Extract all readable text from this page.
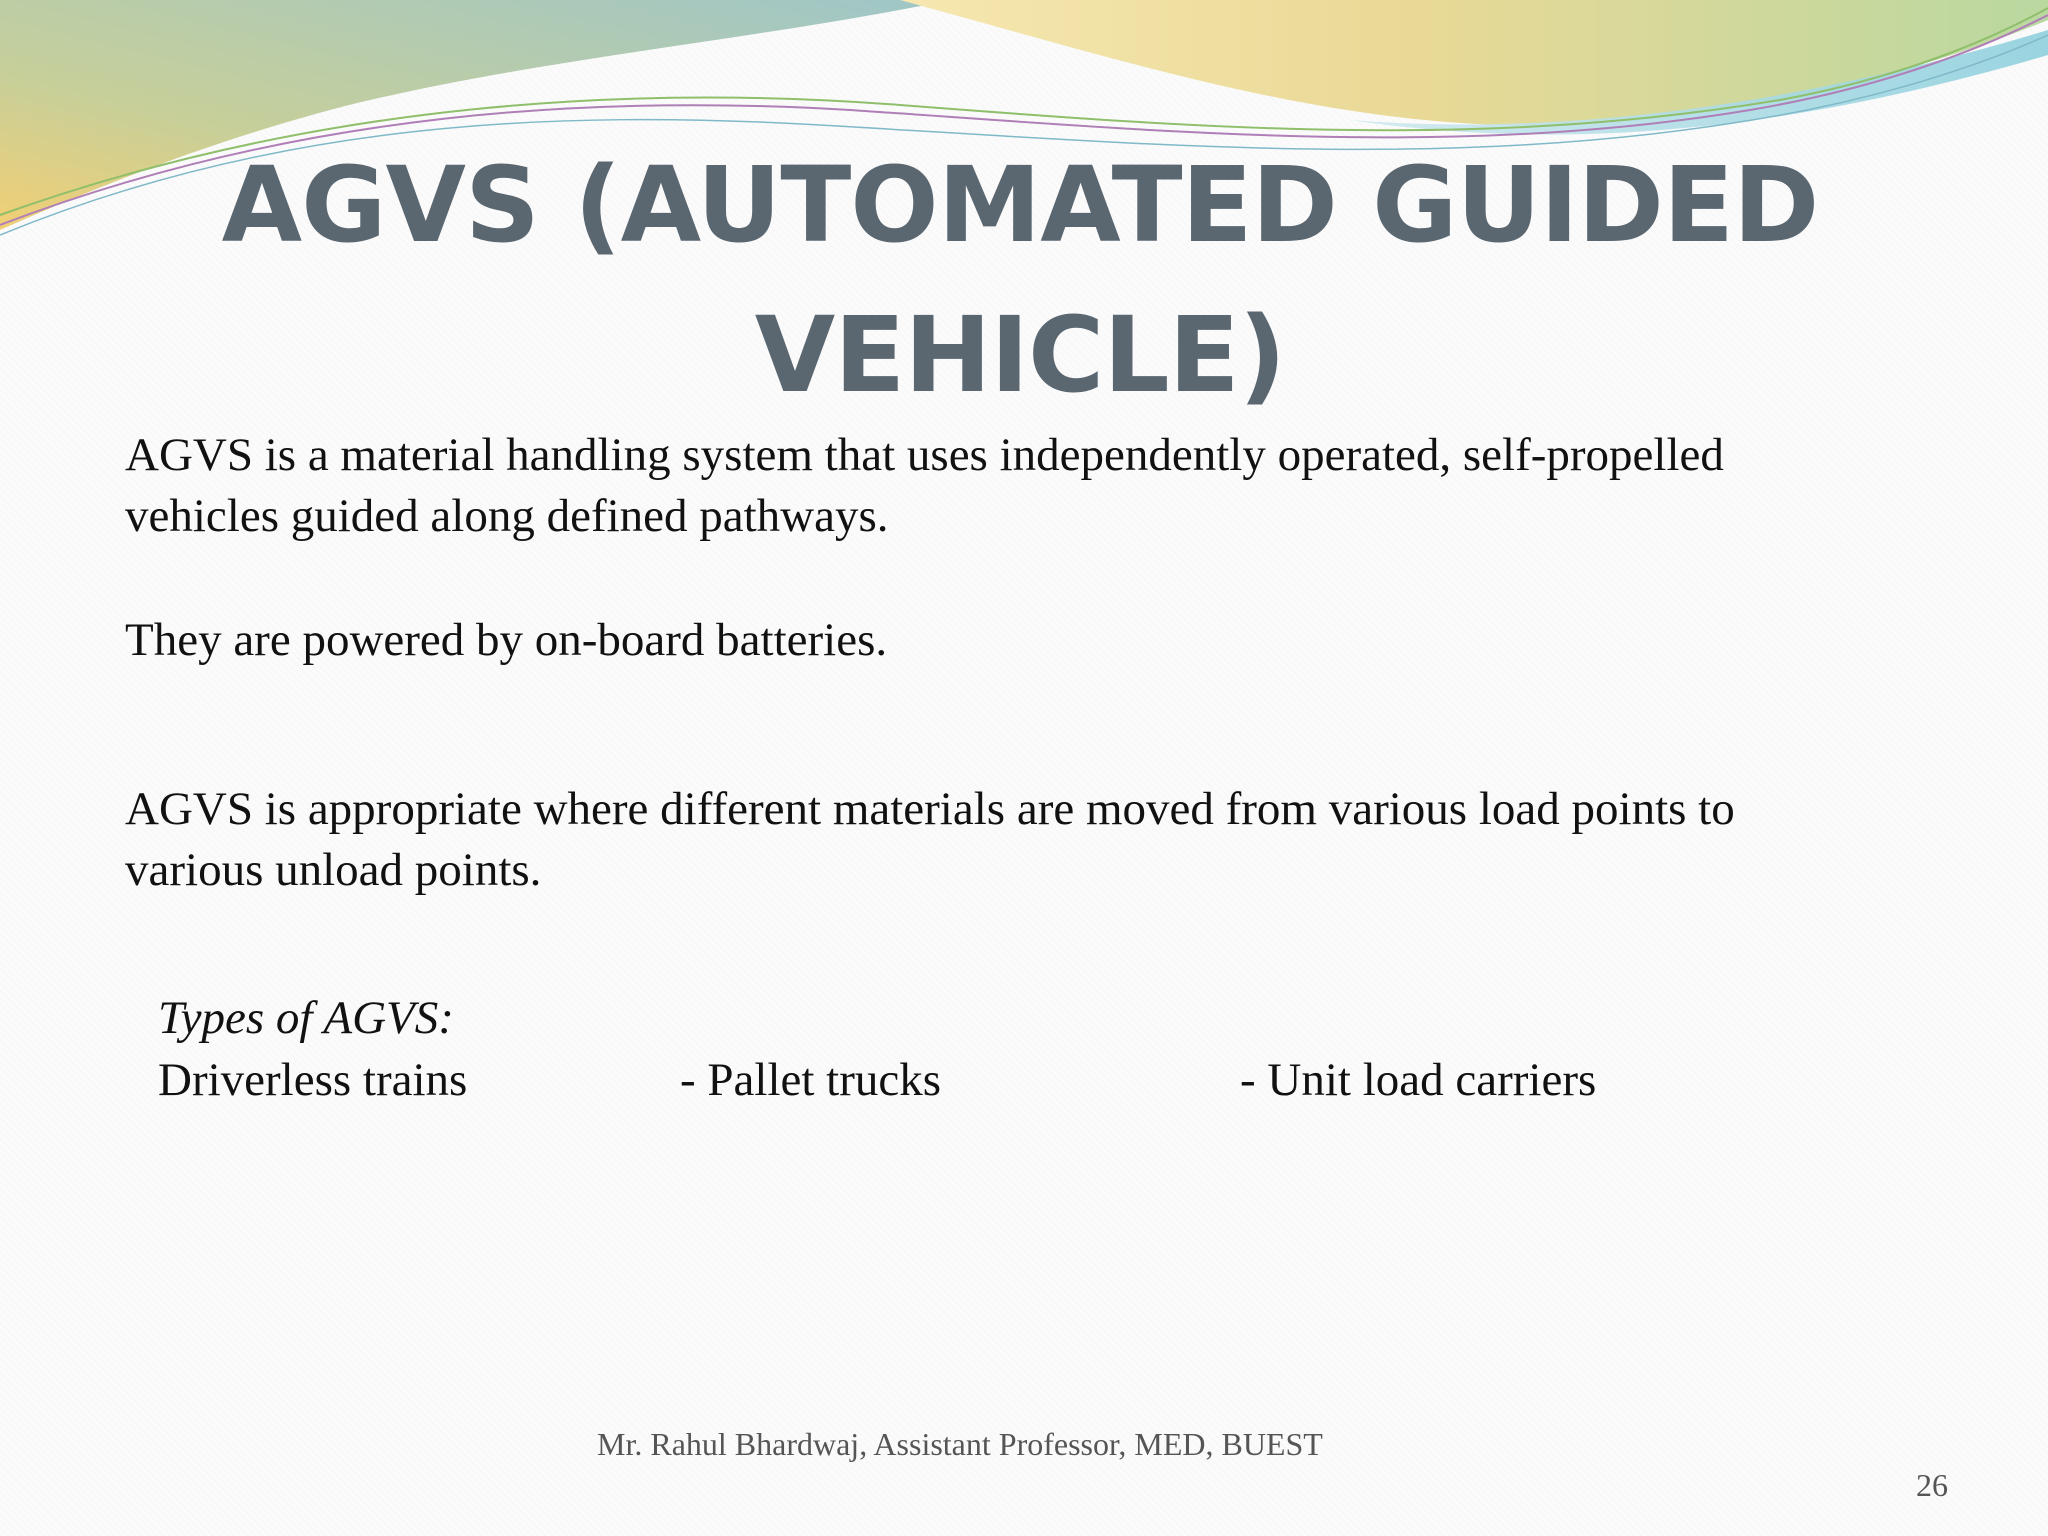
AGVS (AUTOMATED GUIDED VEHICLE)

AGVS is a material handling system that uses independently operated, self-propelled vehicles guided along defined pathways.

They are powered by on-board batteries.

AGVS is appropriate where different materials are moved from various load points to various unload points.

Types of AGVS:
Driverless trains	- Pallet trucks	- Unit load carriers
Mr. Rahul Bhardwaj, Assistant Professor, MED, BUEST
26
